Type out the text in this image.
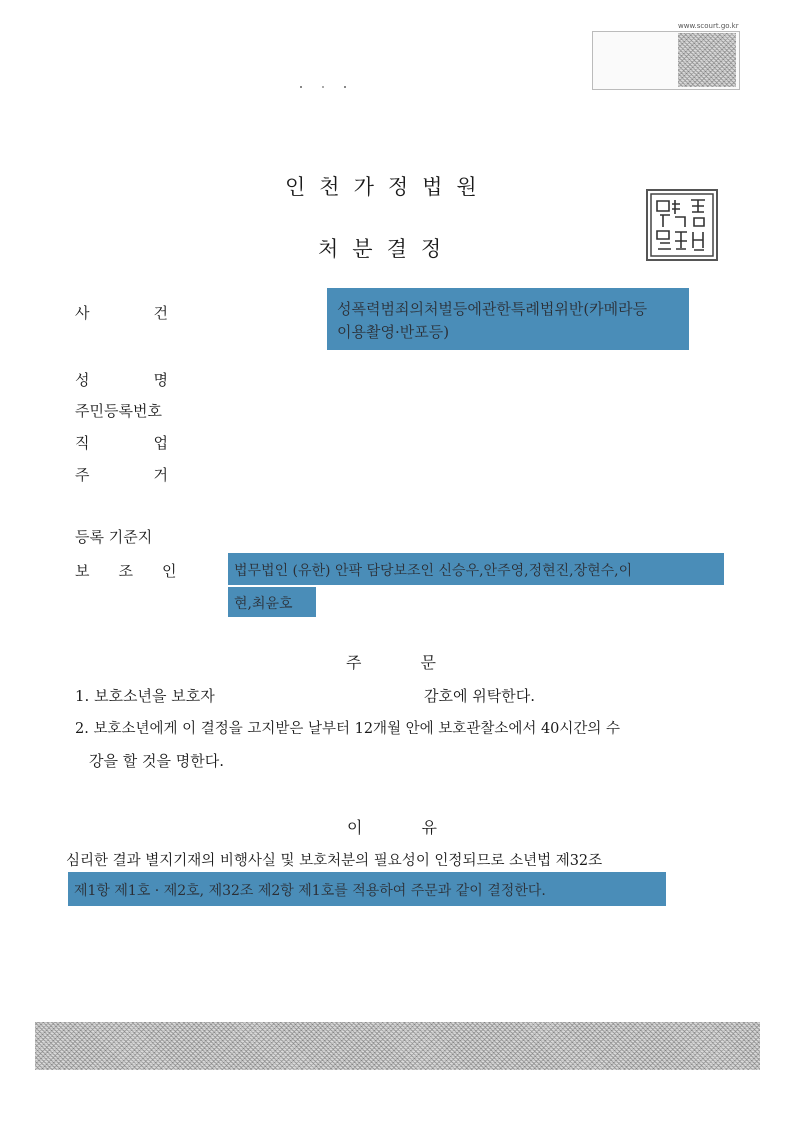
www.scourt.go.kr
인천가정법원
처분결정
사건	성폭력범죄의처벌등에관한특례법위반(카메라등
이용촬영·반포등)
성명
주민등록번호
직업
주거
등록 기준지
보조인 법무법인 (유한) 안팍 담당보조인 신승우,안주영,정현진,장현수,이
현,최윤호
주 문
1. 보호소년을 보호자	감호에 위탁한다.
2. 보호소년에게 이 결정을 고지받은 날부터 12개월 안에 보호관찰소에서 40시간의 수
강을 할 것을 명한다.
이 유
심리한 결과 별지기재의 비행사실 및 보호처분의 필요성이 인정되므로 소년법 제32조
제1항 제1호 · 제2호, 제32조 제2항 제1호를 적용하여 주문과 같이 결정한다.
